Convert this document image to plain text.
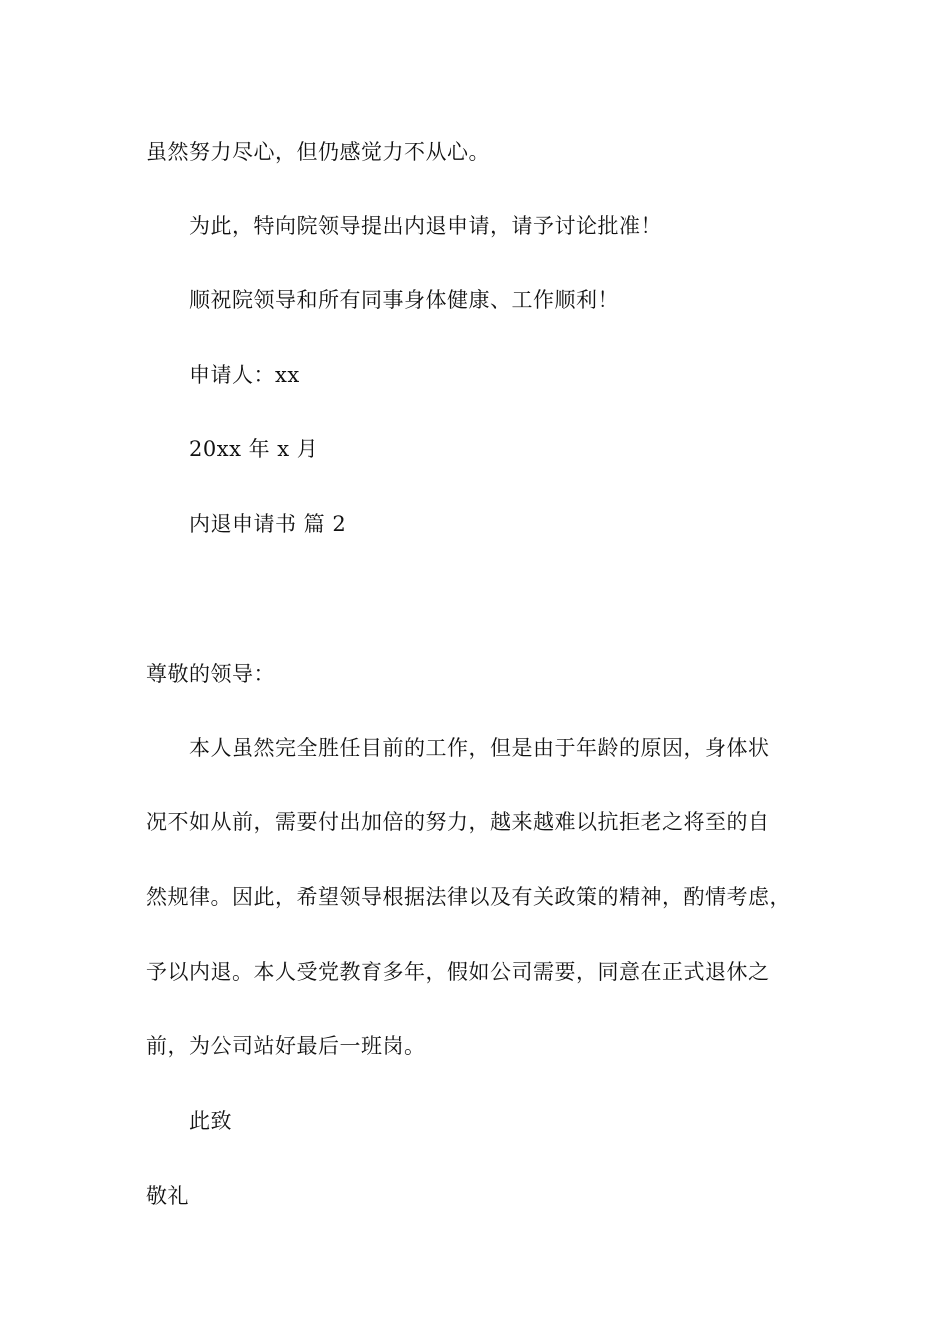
虽然努力尽心，但仍感觉力不从心。
为此，特向院领导提出内退申请，请予讨论批准！
顺祝院领导和所有同事身体健康、工作顺利！
申请人：xx
20xx 年 x 月
内退申请书 篇 2
尊敬的领导：
本人虽然完全胜任目前的工作，但是由于年龄的原因，身体状
况不如从前，需要付出加倍的努力，越来越难以抗拒老之将至的自
然规律。因此，希望领导根据法律以及有关政策的精神，酌情考虑，
予以内退。本人受党教育多年，假如公司需要，同意在正式退休之
前，为公司站好最后一班岗。
此致
敬礼
